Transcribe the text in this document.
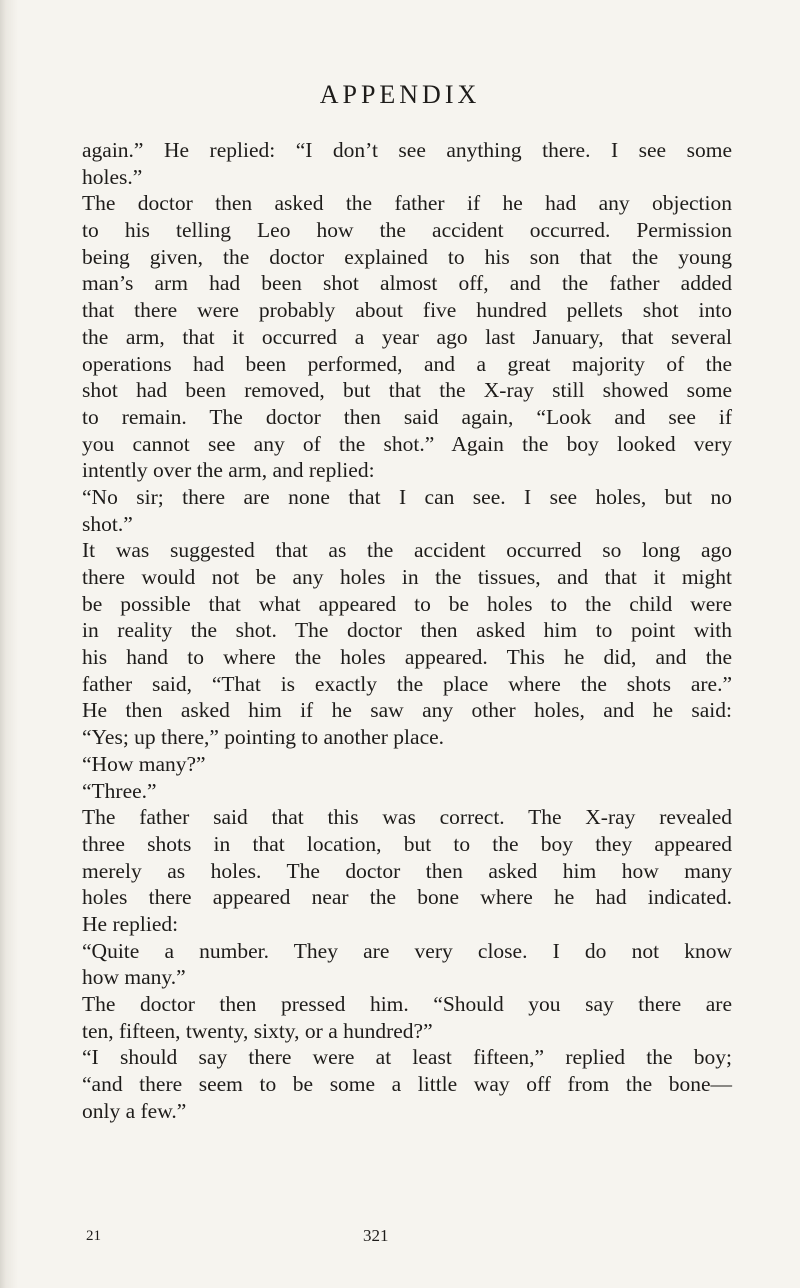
APPENDIX
again.” He replied: “I don’t see anything there. I see some
holes.”
The doctor then asked the father if he had any objection
to his telling Leo how the accident occurred. Permission
being given, the doctor explained to his son that the young
man’s arm had been shot almost off, and the father added
that there were probably about five hundred pellets shot into
the arm, that it occurred a year ago last January, that several
operations had been performed, and a great majority of the
shot had been removed, but that the X-ray still showed some
to remain. The doctor then said again, “Look and see if
you cannot see any of the shot.” Again the boy looked very
intently over the arm, and replied:
“No sir; there are none that I can see. I see holes, but no
shot.”
It was suggested that as the accident occurred so long ago
there would not be any holes in the tissues, and that it might
be possible that what appeared to be holes to the child were
in reality the shot. The doctor then asked him to point with
his hand to where the holes appeared. This he did, and the
father said, “That is exactly the place where the shots are.”
He then asked him if he saw any other holes, and he said:
“Yes; up there,” pointing to another place.
“How many?”
“Three.”
The father said that this was correct. The X-ray revealed
three shots in that location, but to the boy they appeared
merely as holes. The doctor then asked him how many
holes there appeared near the bone where he had indicated.
He replied:
“Quite a number. They are very close. I do not know
how many.”
The doctor then pressed him. “Should you say there are
ten, fifteen, twenty, sixty, or a hundred?”
“I should say there were at least fifteen,” replied the boy;
“and there seem to be some a little way off from the bone—
only a few.”
21	321
